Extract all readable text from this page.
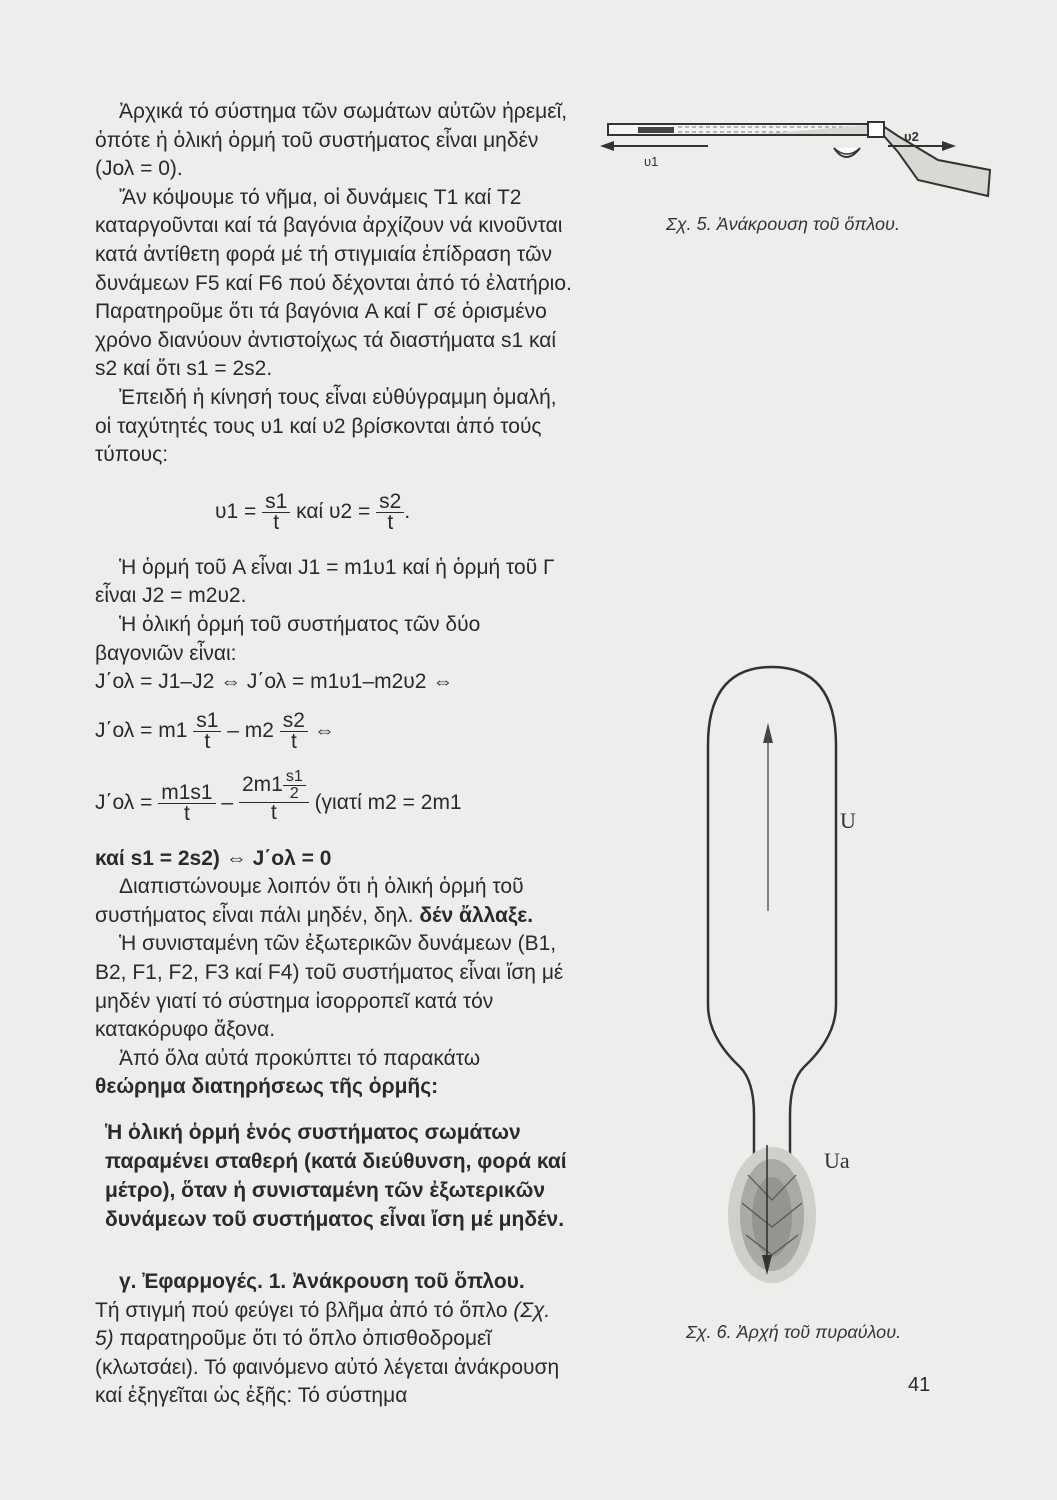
Ἀρχικά τό σύστημα τῶν σωμάτων αὐτῶν ἠρεμεῖ, ὁπότε ἡ ὁλική ὁρμή τοῦ συστήματος εἶναι μηδέν (Jολ = 0).

Ἄν κόψουμε τό νῆμα, οἱ δυνάμεις T1 καί T2 καταργοῦνται καί τά βαγόνια ἀρχίζουν νά κινοῦνται κατά ἀντίθετη φορά μέ τή στιγμιαία ἐπίδραση τῶν δυνάμεων F5 καί F6 πού δέχονται ἀπό τό ἐλατήριο. Παρατηροῦμε ὅτι τά βαγόνια A καί Γ σέ ὁρισμένο χρόνο διανύουν ἀντιστοίχως τά διαστήματα s1 καί s2 καί ὅτι s1 = 2s2.

Ἐπειδή ἡ κίνησή τους εἶναι εὐθύγραμμη ὁμαλή, οἱ ταχύτητές τους υ1 καί υ2 βρίσκονται ἀπό τούς τύπους:

$\upsilon 1 = \frac{s1}{t}$ καί $\upsilon 2 = \frac{s2}{t}$ .

Ἡ ὁρμή τοῦ A εἶναι J1 = m1υ1 καί ἡ ὁρμή τοῦ Γ εἶναι J2 = m2υ2.

Ἡ ὁλική ὁρμή τοῦ συστήματος τῶν δύο βαγονιῶν εἶναι:

J΄ολ = J1–J2 ⇔ J΄ολ = m1υ1–m2υ2 ⇔

$J΄o\lambda = m1 \frac{s1}{t} - m2 \frac{s2}{t}$ ⇔
$J΄o\lambda = \frac{m1s1}{t} - \frac{2m1 \frac{s1}{2}}{t} (\gamma\iota\alpha\tau ί$ m2 = 2m1

καί s1 = 2s2) ⇔ J΄ολ = 0

Διαπιστώνουμε λοιπόν ὅτι ἡ ὁλική ὁρμή τοῦ συστήματος εἶναι πάλι μηδέν, δηλ. δέν ἄλλαξε.

Ἡ συνισταμένη τῶν ἐξωτερικῶν δυνάμεων (B1, B2, F1, F2, F3 καί F4) τοῦ συστήματος εἶναι ἴση μέ μηδέν γιατί τό σύστημα ἰσορροπεῖ κατά τόν κατακόρυφο ἄξονα.

Ἀπό ὅλα αὐτά προκύπτει τό παρακάτω θεώρημα διατηρήσεως τῆς ὁρμῆς:

Ἡ ὁλική ὁρμή ἑνός συστήματος σωμάτων παραμένει σταθερή (κατά διεύθυνση, φορά καί μέτρο), ὅταν ἡ συνισταμένη τῶν ἐξωτερικῶν δυνάμεων τοῦ συστήματος εἶναι ἴση μέ μηδέν.

γ. Ἐφαρμογές. 1. Ἀνάκρουση τοῦ ὅπλου.

Τή στιγμή πού φεύγει τό βλῆμα ἀπό τό ὅπλο (Σχ. 5) παρατηροῦμε ὅτι τό ὅπλο ὀπισθοδρομεῖ (κλωτσάει). Τό φαινόμενο αὐτό λέγεται ἀνάκρουση καί ἐξηγεῖται ὡς ἑξῆς: Τό σύστημα

υ1
υ2
Σχ. 5. Ἀνάκρουση τοῦ ὅπλου.
U
Ua
Σχ. 6. Ἀρχή τοῦ πυραύλου.
41
